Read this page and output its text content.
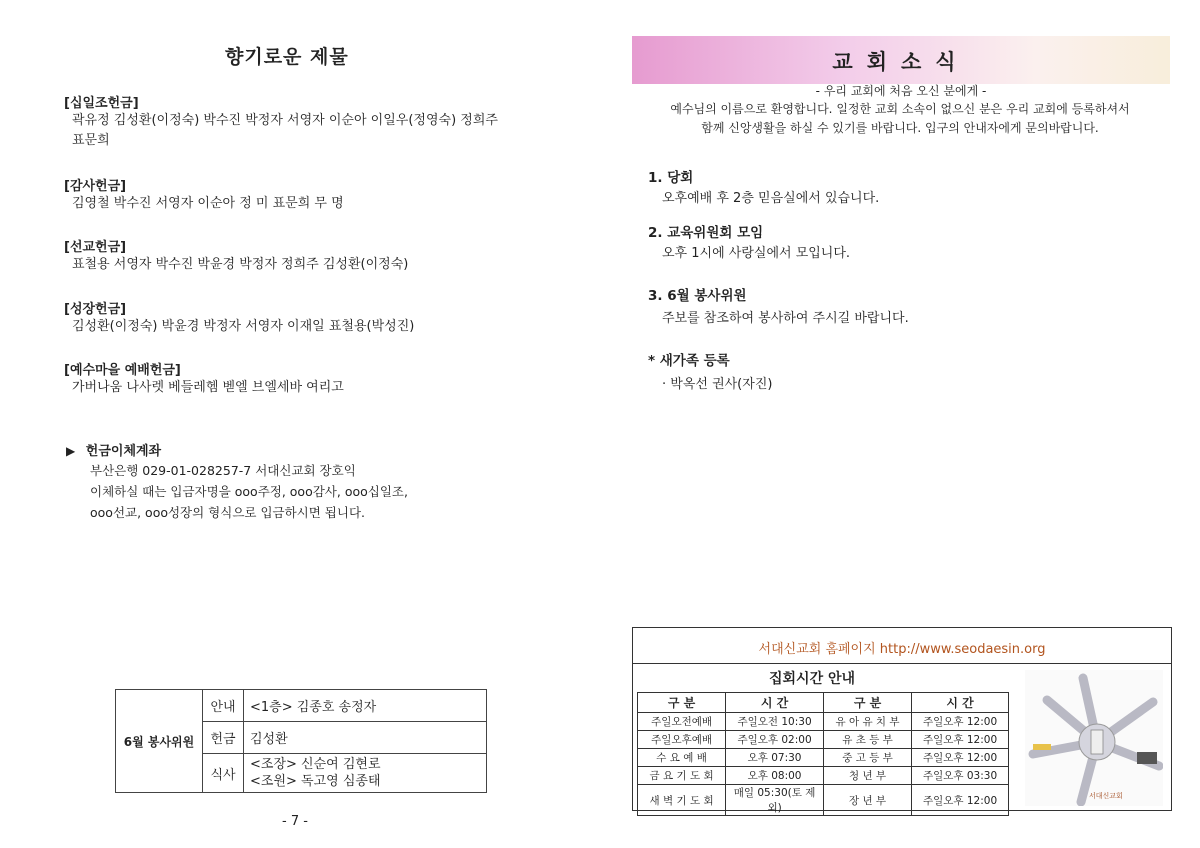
향기로운 제물
[십일조헌금]
곽유정 김성환(이정숙) 박수진 박정자 서영자 이순아 이일우(정영숙) 정희주
표문희
[감사헌금]
김영철 박수진 서영자 이순아 정 미 표문희 무 명
[선교헌금]
표철용 서영자 박수진 박윤경 박정자 정희주 김성환(이정숙)
[성장헌금]
김성환(이정숙) 박윤경 박정자 서영자 이재일 표철용(박성진)
[예수마을 예배헌금]
가버나움 나사렛 베들레헴 벧엘 브엘세바 여리고
▶ 헌금이체계좌
부산은행 029-01-028257-7 서대신교회 장호익
이체하실 때는 입금자명을 ooo주정, ooo감사, ooo십일조,
ooo선교, ooo성장의 형식으로 입금하시면 됩니다.
6월 봉사위원	안내	<1층> 김종호 송정자
	헌금	김성환
	식사	<조장> 신순여 김현로
<조원> 독고영 심종태
- 7 -
교회소식
- 우리 교회에 처음 오신 분에게 -
예수님의 이름으로 환영합니다. 일정한 교회 소속이 없으신 분은 우리 교회에 등록하셔서
함께 신앙생활을 하실 수 있기를 바랍니다. 입구의 안내자에게 문의바랍니다.
1. 당회
오후예배 후 2층 믿음실에서 있습니다.
2. 교육위원회 모임
오후 1시에 사랑실에서 모입니다.
3. 6월 봉사위원
주보를 참조하여 봉사하여 주시길 바랍니다.
* 새가족 등록
· 박옥선 권사(자진)
서대신교회 홈페이지 http://www.seodaesin.org
집회시간 안내
구 분	시 간	구 분	시 간
주일오전예배	주일오전 10:30	유 아 유 치 부	주일오후 12:00
주일오후예배	주일오후 02:00	유 초 등 부	주일오후 12:00
수 요 예 배	오후 07:30	중 고 등 부	주일오후 12:00
금 요 기 도 회	오후 08:00	청 년 부	주일오후 03:30
새 벽 기 도 회	매일 05:30(토 제외)	장 년 부	주일오후 12:00	서대신교회
